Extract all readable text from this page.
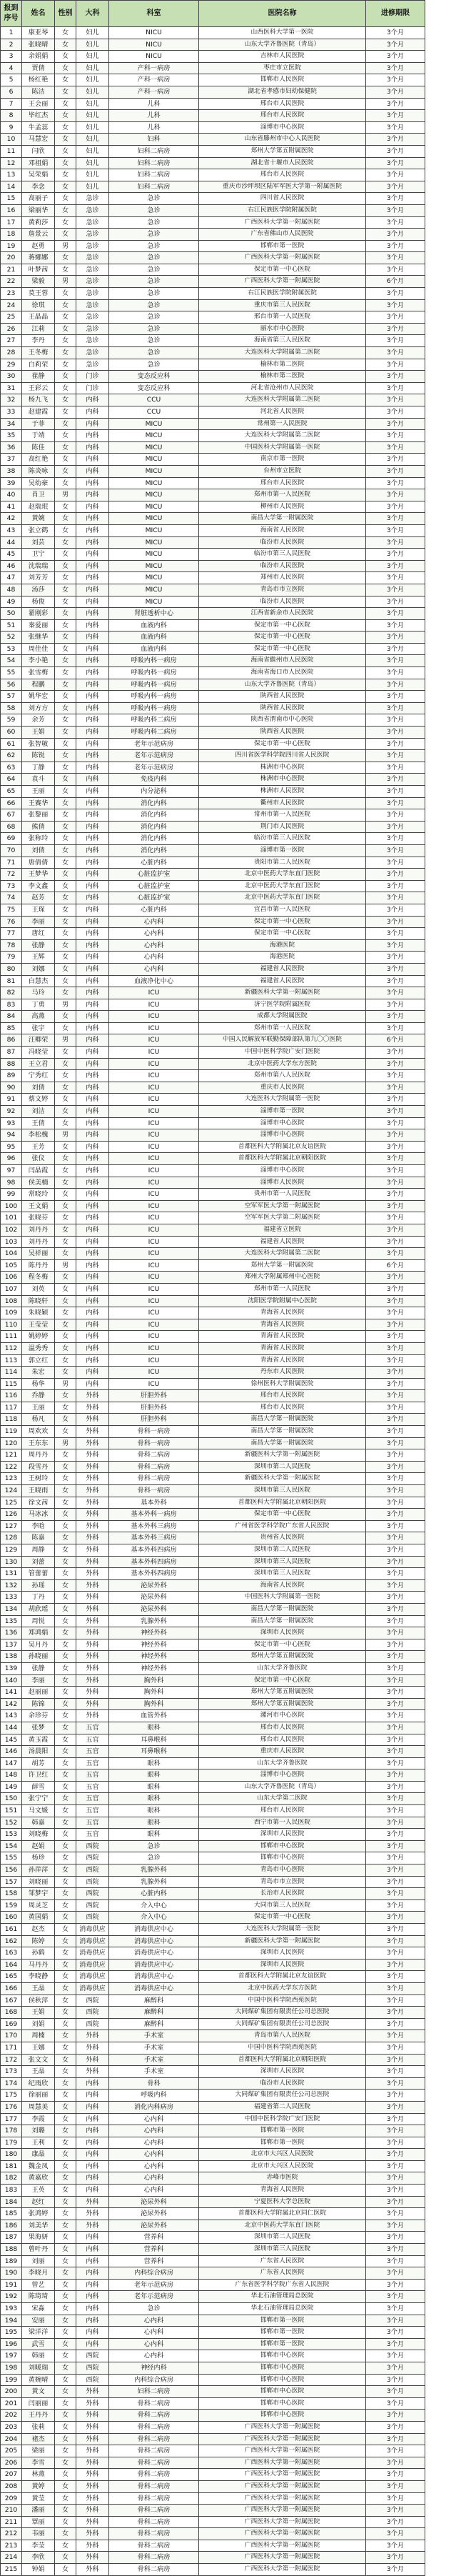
报到序号	姓名	性别	大科	科室	医院名称	进修期限
1	康亚琴	女	妇儿	NICU	山西医科大学第一医院	3个月
2	张晓晴	女	妇儿	NICU	山东大学齐鲁医院（青岛）	3个月
3	余娟娟	女	妇儿	NICU	吉林市人民医院	3个月
4	贾倩	女	妇儿	产科一病房	枣庄市立医院	3个月
5	杨红艳	女	妇儿	产科一病房	邯郸市人民医院	3个月
6	陈洁	女	妇儿	产科一病房	湖北省孝感市妇幼保健院	3个月
7	王会丽	女	妇儿	儿科	邢台市人民医院	3个月
8	毕红杰	女	妇儿	儿科	邢台市人民医院	3个月
9	牛孟蕊	女	妇儿	儿科	淄博市中心医院	3个月
10	马慧宏	女	妇儿	妇科	山东省滕州市中心人民医院	3个月
11	闫欣	女	妇儿	妇科二病房	郑州大学第五附属医院	3个月
12	邓祖娟	女	妇儿	妇科二病房	湖北省十堰市人民医院	3个月
13	吴荣娟	女	妇儿	妇科二病房	邢台市人民医院	3个月
14	李念	女	妇儿	妇科二病房	重庆市沙坪坝区陆军军医大学第一附属医院	3个月
15	高丽子	女	急诊	急诊	四川省人民医院	3个月
16	梁丽华	女	急诊	急诊	右江民族医学院附属医院	3个月
17	黄莉莎	女	急诊	急诊	广西医科大学第一附属医院	3个月
18	詹景云	女	急诊	急诊	广东省佛山市人民医院	3个月
19	赵勇	男	急诊	急诊	邯郸市第一医院	3个月
20	蒋娜娜	女	急诊	急诊	广西医科大学第一附属医院	3个月
21	叶梦茜	女	急诊	急诊	保定市第一中心医院	3个月
22	梁毅	男	急诊	急诊	广西医科大学第一附属医院	6个月
23	莫王蓉	女	急诊	急诊	右江民族医学院附属医院	3个月
24	徐琪	女	急诊	急诊	重庆市第三人民医院	3个月
25	王晶晶	女	急诊	急诊	邢台市第一人民医院	3个月
26	江莉	女	急诊	急诊	丽水市中心医院	3个月
27	李丹	女	急诊	急诊	海南省第三人民医院	3个月
28	王冬梅	女	急诊	急诊	大连医科大学附属第二医院	3个月
29	白莉荣	女	急诊	急诊	榆林市第二医院	3个月
30	崔静	女	门诊	变态反应科	榆林市第二医院	3个月
31	王彩云	女	门诊	变态反应科	河北省沧州市人民医院	3个月
32	杨九飞	女	内科	CCU	大连医科大学附属第二医院	3个月
33	赵建霞	女	内科	CCU	河北省人民医院	3个月
34	于菲	女	内科	MICU	常州第一人民医院	3个月
35	于靖	女	内科	MICU	大连医科大学附属第二医院	3个月
36	陈佳	女	内科	MICU	中国医科大学附属第一医院	3个月
37	高红艳	女	内科	MICU	南京市第一医院	3个月
38	陈炎咏	女	内科	MICU	台州市立医院	3个月
39	吴幼豪	女	内科	MICU	邢台市人民医院	3个月
40	肖卫	男	内科	MICU	郑州市第一人民医院	3个月
41	赵瑞珉	女	内科	MICU	柳州市人民医院	3个月
42	黄婉	女	内科	MICU	南昌大学第一附属医院	3个月
43	张立鹤	女	内科	MICU	海南省人民医院	3个月
44	刘芸	女	内科	MICU	临汾市人民医院	3个月
45	卫宁	女	内科	MICU	临汾市第三人民医院	3个月
46	沈瑞瑞	女	内科	MICU	临汾市人民医院	3个月
47	刘芳芳	女	内科	MICU	郑州市人民医院	3个月
48	汤莎	女	内科	MICU	青岛市市立医院	3个月
49	杨俊	女	内科	MICU	临汾市人民医院	3个月
50	翟刚彩	女	内科	肾脏透析中心	江西省新余市人民医院	3个月
51	秦爱丽	女	内科	血液内科	保定市第一中心医院	3个月
52	张继华	女	内科	血液内科	保定市第一中心医院	3个月
53	周佳佳	女	内科	血液内科	保定市第一中心医院	3个月
54	李小艳	女	内科	呼吸内科一病房	海南省儋州市人民医院	3个月
55	张雪梅	女	内科	呼吸内科一病房	海南省海口市人民医院	3个月
56	程鹏	女	内科	呼吸内科一病房	山东大学齐鲁医院（青岛）	3个月
57	姚华宏	女	内科	呼吸内科一病房	陕西省人民医院	3个月
58	刘方方	女	内科	呼吸内科一病房	陕西省人民医院	3个月
59	余芳	女	内科	呼吸内科二病房	陕西省渭南市中心医院	3个月
60	王娟	女	内科	呼吸内科二病房	陕西省人民医院	3个月
61	张智敏	女	内科	老年示范病房	保定市第一中心医院	3个月
62	陈锐	女	内科	老年示范病房	四川省医学科学院四川省人民医院	3个月
63	丁静	女	内科	老年示范病房	株洲市中心医院	3个月
64	袁斗	女	内科	免疫内科	株洲市中心医院	3个月
65	王丽	女	内科	内分泌科	株洲市人民医院	3个月
66	王赛华	女	内科	消化内科	衢州市人民医院	3个月
67	张黎丽	女	内科	消化内科	常州市第一人民医院	3个月
68	熊倩	女	内科	消化内科	荆门市人民医院	3个月
69	张称玲	女	内科	消化内科	临汾市第三人民医院	3个月
70	刘倩	女	内科	消化内科	淄博市第一医院	3个月
71	唐倩倩	女	内科	心脏内科	贵阳市第二人民医院	3个月
72	王梦华	女	内科	心脏监护室	北京中医药大学东直门医院	3个月
73	李文鑫	女	内科	心脏监护室	北京中医药大学东直门医院	3个月
74	赵芳	女	内科	心脏监护室	北京中医药大学东直门医院	3个月
75	王琛	女	内科	心脏内科	宜昌市第一人民医院	3个月
76	李丽	女	内科	心内科	保定市第一中心医院	3个月
77	唐红	女	内科	心内科	保定市第一中心医院	3个月
78	张静	女	内科	心内科	海港医院	3个月
79	王辉	女	内科	心内科	海港医院	3个月
80	刘娜	女	内科	心内科	福建省人民医院	3个月
81	白慧杰	女	内科	血液净化中心	福建省人民医院	3个月
82	马玲	女	内科	ICU	新疆医科大学第一附属医院	3个月
83	丁勇	男	内科	ICU	济宁医学院附属医院	3个月
84	高燕	女	内科	ICU	成都大学附属医院	3个月
85	张宇	女	内科	ICU	郑州市第一人民医院	3个月
86	汪卿荣	男	内科	ICU	中国人民解放军联勤保障部队第九〇〇医院	6个月
87	冯晓莹	女	内科	ICU	中国中医科学院广安门医院	3个月
88	王立君	女	内科	ICU	北京中医药大学东方医院	3个月
89	宁秀红	女	内科	ICU	郑州市第八人民医院	3个月
90	刘倩	女	内科	ICU	重庆市人民医院	3个月
91	蔡文婷	女	内科	ICU	大连医科大学附属第一医院	3个月
92	刘洁	女	内科	ICU	淄博市第一医院	3个月
93	王倩	女	内科	ICU	淄博市中心医院	3个月
94	李松槐	男	内科	ICU	淄博市中心医院	3个月
95	王芳	女	内科	ICU	首都医科大学附属北京友谊医院	3个月
96	张仪	女	内科	ICU	首都医科大学附属北京朝阳医院	3个月
97	闫晶霞	女	内科	ICU	淄博市中心医院	3个月
98	侯美楠	女	内科	ICU	淄博市人民医院	3个月
99	常晓玲	女	内科	ICU	贵州市第一人民医院	3个月
100	王文娟	女	内科	ICU	空军军医大学第一附属医院	3个月
101	张晓芬	女	内科	ICU	空军军医大学第二附属医院	3个月
102	刘丹丹	女	内科	ICU	福建省立医院	3个月
103	刘丹丹	女	内科	ICU	福建省人民医院	3个月
104	吴祥丽	女	内科	ICU	大连医科大学附属第二医院	3个月
105	陈丹丹	男	内科	ICU	郑州大学第一附属医院	6个月
106	程冬梅	女	内科	ICU	郑州大学附属郑州中心医院	3个月
107	刘英	女	内科	ICU	郑州市第一人民医院	3个月
108	陈晓轩	女	内科	ICU	沈阳医学院附属中心医院	3个月
109	朱晓颖	女	内科	ICU	青海省人民医院	3个月
110	王莹莹	女	内科	ICU	青海省人民医院	3个月
111	姚婷婷	女	内科	ICU	青海省人民医院	3个月
112	温秀秀	女	内科	ICU	青海省人民医院	3个月
113	郭立红	女	内科	ICU	青海省人民医院	3个月
114	朱宏	女	内科	ICU	丹东市人民医院	3个月
115	杨华	男	内科	ICU	徐州医科大学附属医院	3个月
116	乔静	女	外科	肝胆外科	邢台市人民医院	3个月
117	王丽	女	外科	肝胆外科	邢台市人民医院	3个月
118	杨凡	女	外科	肝胆外科	南昌大学第一附属医院	3个月
119	周欢欢	女	外科	骨科一病房	南昌大学第一附属医院	3个月
120	王东东	男	外科	骨科一病房	南昌大学第一附属医院	3个月
121	周丹丹	女	外科	骨科二病房	新疆医科大学第一附属医院	3个月
122	段雪丹	女	外科	骨科二病房	深圳市第二人民医院	3个月
123	王树玲	女	外科	骨科二病房	新疆医科大学第一附属医院	3个月
124	王晓雨	女	外科	骨科一病房	深圳市第三人民医院	3个月
125	徐文茜	女	外科	基本外科	首都医科大学附属北京朝阳医院	3个月
126	马冰冰	女	外科	基本外科一病房	保定市第一中心医院	3个月
127	李晗	女	外科	基本外科三病房	广州省医学科学院广东省人民医院	3个月
128	陈嘉	女	外科	基本外科三病房	贵州省人民医院	3个月
129	周静	女	外科	基本外科四病房	深圳市第二人民医院	3个月
130	刘蕾	女	外科	基本外科四病房	深圳市第三人民医院	3个月
131	管蕾蕾	女	外科	基本外科四病房	深圳市第三人民医院	3个月
132	孙瑶	女	外科	泌尿外科	海南省人民医院	3个月
133	丁丹	女	外科	泌尿外科	中国医科大学附属第一医院	3个月
134	胡欣瑶	女	外科	泌尿外科	南昌大学第一附属医院	3个月
135	周悦	女	外科	乳腺外科	南昌大学第一附属医院	3个月
136	郑鸿娟	女	外科	神经外科	深圳市人民医院	3个月
137	吴月丹	女	外科	神经外科	保定市第一中心医院	3个月
138	孙晓丽	女	外科	神经外科	郑州大学第五附属医院	3个月
139	张静	女	外科	神经外科	山东大学齐鲁医院	3个月
140	李丽	女	外科	胸外科	保定市第一中心医院	3个月
141	赵丽丽	女	外科	胸外科	郑州大学第五附属医院	3个月
142	陈锦	女	外科	胸外科	郑州大学第五附属医院	3个月
143	余珍芬	女	外科	血管外科	漯河市中心医院	3个月
144	张梦	女	五官	眼科	邢台市人民医院	3个月
145	黄玉霞	女	五官	耳鼻喉科	邢台市人民医院	3个月
146	汤晨阳	女	五官	耳鼻喉科	重庆市人民医院	3个月
147	胡芳	女	五官	眼科	山东大学齐鲁医院	3个月
148	许卫红	女	五官	眼科	淄博市中心医院	3个月
149	薛雪	女	五官	眼科	山东大学齐鲁医院（青岛）	3个月
150	张宁宁	女	五官	眼科	山东大学第二医院	3个月
151	马文媛	女	五官	眼科	邢台市人民医院	3个月
152	韩嘉	女	五官	眼科	西宁市第一人民医院	3个月
153	刘晓梅	女	五官	眼科	深圳市人民医院	3个月
154	赵娟	女	西院	急诊	邯郸市中心医院	3个月
155	杨珍	女	西院	急诊	邯郸市中心医院	3个月
156	孙萍萍	女	西院	乳腺外科	青岛市中心医院	3个月
157	刘晓丽	女	西院	乳腺外科	青岛市市立医院	3个月
158	邹梦宇	女	西院	心脏内科	长治市人民医院	3个月
159	周灵芝	女	西院	介入中心	大同市第三人民医院	3个月
160	黄国娟	女	西院	介入中心	保定市第一中心医院	3个月
161	赵杰	女	消毒供应	消毒供应中心	大连医科大学附属第一医院	3个月
162	陈婷	女	消毒供应	消毒供应中心	新疆医科大学第一附属医院	3个月
163	孙鹤	女	消毒供应	消毒供应中心	深圳市人民医院	3个月
164	马丹丹	女	消毒供应	消毒供应中心	深圳市人民医院	3个月
165	李晓静	女	消毒供应	消毒供应中心	首都医科大学附属北京友谊医院	3个月
166	王晶	女	消毒供应	消毒供应中心	北京中医药大学东方医院	3个月
167	侯秋萍	女	西院	麻醉科	中国中医科学院西苑医院	3个月
168	王娟	女	西院	麻醉科	大同煤矿集团有限责任公司总医院	3个月
169	刘娟	女	西院	麻醉科	大同煤矿集团有限责任公司总医院	3个月
170	周楠	女	外科	手术室	青岛市第八人民医院	3个月
171	王娜	女	外科	手术室	中国中医科学院西苑医院	3个月
172	张文文	女	外科	手术室	首都医科大学附属北京朝阳医院	3个月
173	王晶	女	外科	手术室	深圳市人民医院	3个月
174	纪雨欣	女	内科	骨科	临汾市人民医院	3个月
175	徐丽丽	女	内科	呼吸内科	大同煤矿集团有限责任公司总医院	3个月
176	周慧美	女	内科	消化内科病房	福建省第二人民医院	3个月
177	李霞	女	内科	心内科	中国中医科学院广安门医院	3个月
178	刘璐	女	内科	心内科	邯郸市第一医院	3个月
179	王利	女	内科	心内科	邯郸市第一医院	3个月
180	康晶	女	内科	心内科	北京市大兴区人民医院	3个月
181	魏金凤	女	内科	心内科	北京市大兴区人民医院	3个月
182	黄嘉欣	女	内科	心内科	赤峰市医院	3个月
183	王英	女	内科	心内科	青海省人民医院	3个月
184	赵红	女	外科	泌尿外科	宁夏医科大学总医院	3个月
185	张鸿婷	女	外科	泌尿外科	首都医科大学附属北京同仁医院	3个月
186	刘美华	女	外科	泌尿外科	北京中医药大学东直门医院	3个月
187	果海妍	女	内科	营养科	深圳市第二人民医院	3个月
188	曾叶丹	女	内科	营养科	深圳市第三人民医院	3个月
189	刘丽	女	内科	营养科	广东省人民医院	3个月
190	李晓月	女	内科	内科综合病房	广东省人民医院	3个月
191	曾艺	女	内科	老年示范病房	广东省医学科学院广东省人民医院	3个月
192	陈琦琦	女	内科	老年示范病房	华北石油管理局总医院	3个月
193	宋淼	女	内科	急诊	华北石油管理局总医院	3个月
194	安丽	女	内科	心内科	邯郸市第一医院	3个月
195	梁洋洋	女	内科	心内科	邯郸市第一医院	3个月
196	武雪	女	内科	心内科	邯郸市第一医院	3个月
197	韩丽	女	西院	心内科	邯郸市中心医院	3个月
198	刘暖瑞	女	西院	神经内科	邯郸市中心医院	3个月
199	黄婉晴	女	西院	内科综合病房	邯郸市中心医院	3个月
200	黄文	女	外科	妇科二病房	邯郸市中心医院	3个月
201	闫丽丽	女	外科	骨科二病房	邯郸市中心医院	3个月
202	王丹丹	女	外科	骨科二病房	邯郸市中心医院	3个月
203	张莉	女	外科	骨科二病房	广西医科大学第一附属医院	3个月
204	褚杰	女	外科	骨科二病房	广西医科大学第一附属医院	3个月
205	梁丽	女	外科	骨科二病房	广西医科大学第一附属医院	3个月
206	李雪	女	外科	骨科二病房	广西医科大学第一附属医院	3个月
207	林燕	女	外科	骨科二病房	广西医科大学第一附属医院	3个月
208	黄婷	女	外科	骨科二病房	广西医科大学第一附属医院	3个月
209	黄莹	女	外科	骨科二病房	广西医科大学第一附属医院	3个月
210	潘丽	女	外科	骨科二病房	广西医科大学第一附属医院	3个月
211	覃丽	女	外科	骨科二病房	广西医科大学第一附属医院	3个月
212	韦丽	女	外科	骨科二病房	广西医科大学第一附属医院	3个月
213	李莹	女	外科	骨科二病房	广西医科大学第一附属医院	3个月
214	李欣	女	外科	骨科二病房	广西医科大学第一附属医院	3个月
215	钟娟	女	外科	骨科二病房	广西医科大学第一附属医院	3个月
